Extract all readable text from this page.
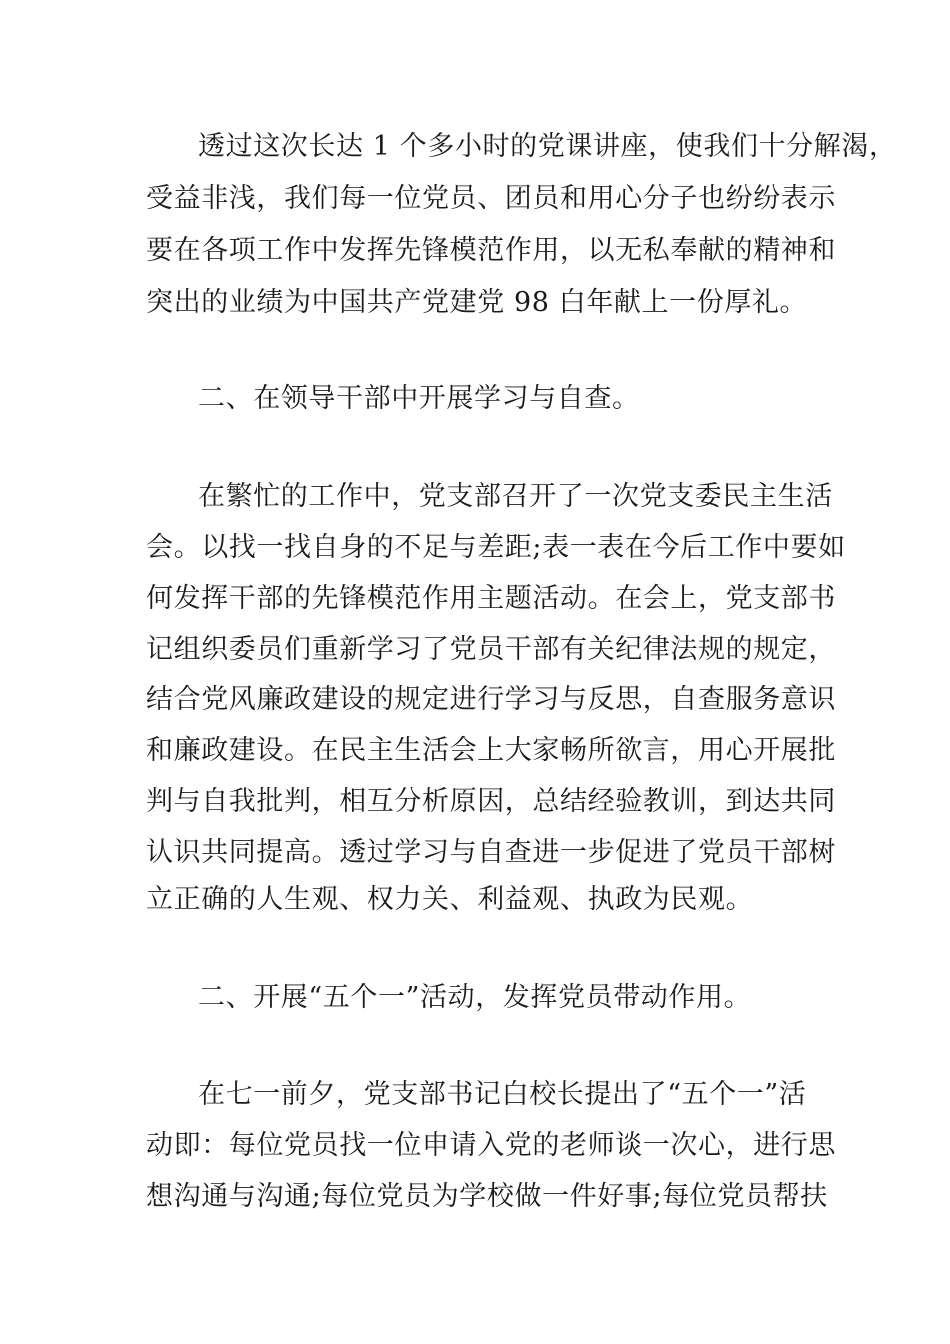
透过这次长达 1 个多小时的党课讲座，使我们十分解渴，
受益非浅，我们每一位党员、团员和用心分子也纷纷表示
要在各项工作中发挥先锋模范作用，以无私奉献的精神和
突出的业绩为中国共产党建党 98 白年献上一份厚礼。
二、在领导干部中开展学习与自查。
在繁忙的工作中，党支部召开了一次党支委民主生活
会。以找一找自身的不足与差距;表一表在今后工作中要如
何发挥干部的先锋模范作用主题活动。在会上，党支部书
记组织委员们重新学习了党员干部有关纪律法规的规定，
结合党风廉政建设的规定进行学习与反思，自查服务意识
和廉政建设。在民主生活会上大家畅所欲言，用心开展批
判与自我批判，相互分析原因，总结经验教训，到达共同
认识共同提高。透过学习与自查进一步促进了党员干部树
立正确的人生观、权力关、利益观、执政为民观。
二、开展“五个一”活动，发挥党员带动作用。
在七一前夕，党支部书记白校长提出了“五个一”活
动即：每位党员找一位申请入党的老师谈一次心，进行思
想沟通与沟通;每位党员为学校做一件好事;每位党员帮扶
